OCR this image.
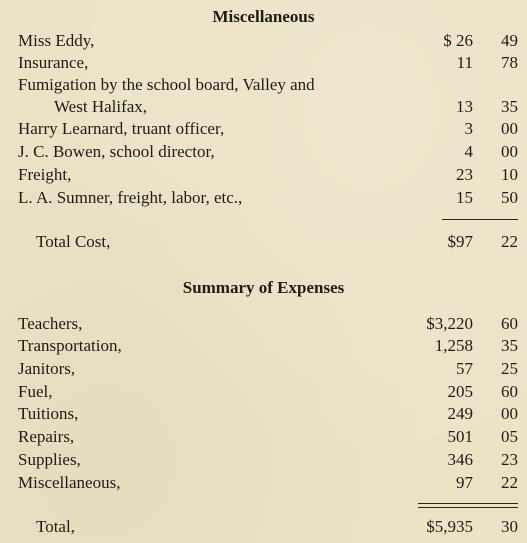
Miscellaneous
Miss Eddy,	$ 26	49
Insurance,	11	78
Fumigation by the school board, Valley and
West Halifax,	13	35
Harry Learnard, truant officer,	3	00
J. C. Bowen, school director,	4	00
Freight,	23	10
L. A. Sumner, freight, labor, etc.,	15	50
Total Cost,	$97	22
Summary of Expenses
Teachers,	$3,220	60
Transportation,	1,258	35
Janitors,	57	25
Fuel,	205	60
Tuitions,	249	00
Repairs,	501	05
Supplies,	346	23
Miscellaneous,	97	22
Total,	$5,935	30
